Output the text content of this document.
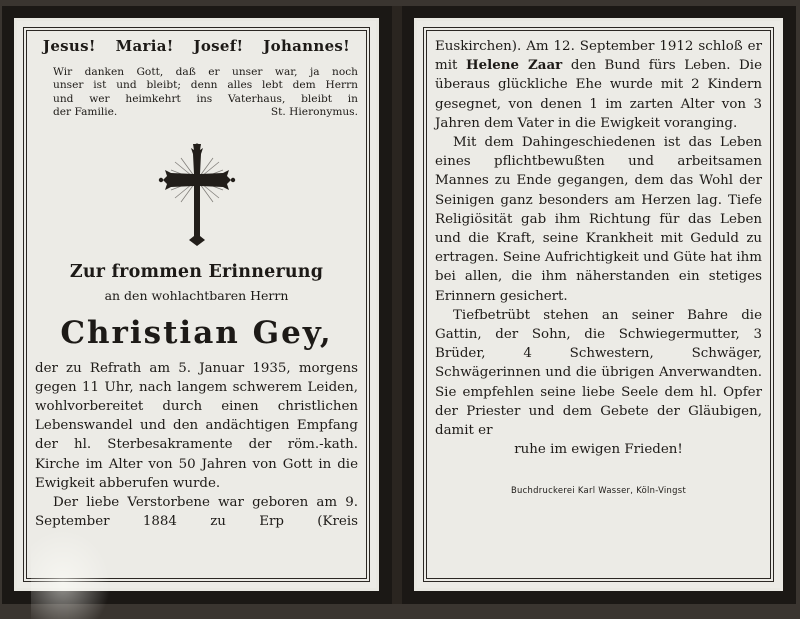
Jesus! Maria! Josef! Johannes!
Wir danken Gott, daß er unser war, ja noch
unser ist und bleibt; denn alles lebt dem Herrn
und wer heimkehrt ins Vaterhaus, bleibt in
der Familie.	St. Hieronymus.
Zur frommen Erinnerung
an den wohlachtbaren Herrn
Christian Gey,

der zu Refrath am 5. Januar 1935, morgens gegen 11 Uhr, nach langem schwerem Leiden, wohlvorbereitet durch einen christlichen Lebenswandel und den andächtigen Empfang der hl. Sterbesakramente der röm.-kath. Kirche im Alter von 50 Jahren von Gott in die Ewigkeit abberufen wurde.

Der liebe Verstorbene war geboren am 9. September 1884 zu Erp (Kreis

Euskirchen). Am 12. September 1912 schloß er mit Helene Zaar den Bund fürs Leben. Die überaus glückliche Ehe wurde mit 2 Kindern gesegnet, von denen 1 im zarten Alter von 3 Jahren dem Vater in die Ewigkeit voranging.

Mit dem Dahingeschiedenen ist das Leben eines pflichtbewußten und arbeitsamen Mannes zu Ende gegangen, dem das Wohl der Seinigen ganz besonders am Herzen lag. Tiefe Religiösität gab ihm Richtung für das Leben und die Kraft, seine Krankheit mit Geduld zu ertragen. Seine Aufrichtigkeit und Güte hat ihm bei allen, die ihm näherstanden ein stetiges Erinnern gesichert.

Tiefbetrübt stehen an seiner Bahre die Gattin, der Sohn, die Schwiegermutter, 3 Brüder, 4 Schwestern, Schwäger, Schwägerinnen und die übrigen Anverwandten. Sie empfehlen seine liebe Seele dem hl. Opfer der Priester und dem Gebete der Gläubigen, damit er

ruhe im ewigen Frieden!
Buchdruckerei Karl Wasser, Köln-Vingst
